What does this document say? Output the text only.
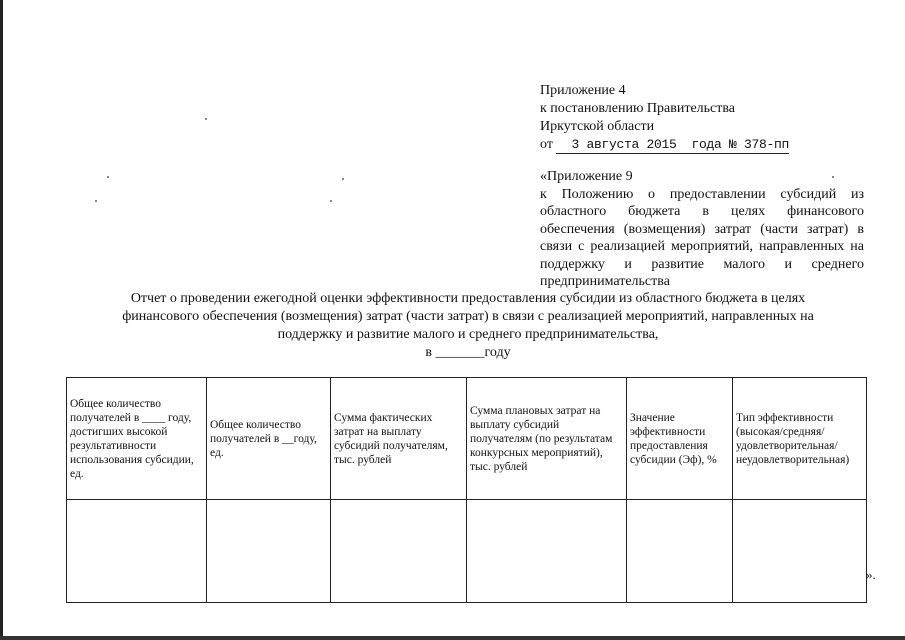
Приложение 4
к постановлению Правительства
Иркутской области
от 3 августа 2015 года № 378-пп
«Приложение 9
к Положению о предоставлении субсидий из областного бюджета в целях финансового обеспечения (возмещения) затрат (части затрат) в связи с реализацией мероприятий, направленных на поддержку и развитие малого и среднего предпринимательства
Отчет о проведении ежегодной оценки эффективности предоставления субсидии из областного бюджета в целях
финансового обеспечения (возмещения) затрат (части затрат) в связи с реализацией мероприятий, направленных на
поддержку и развитие малого и среднего предпринимательства,
в _______году
Общее количество получателей в ____ году, достигших высокой результативности использования субсидии, ед.	Общее количество получателей в __году, ед.	Сумма фактических затрат на выплату субсидий получателям, тыс. рублей	Сумма плановых затрат на выплату субсидий получателям (по результатам конкурсных мероприятий), тыс. рублей	Значение эффективности предоставления субсидии (Эф), %	Тип эффективности (высокая/средняя/ удовлетворительная/ неудовлетворительная)

».
